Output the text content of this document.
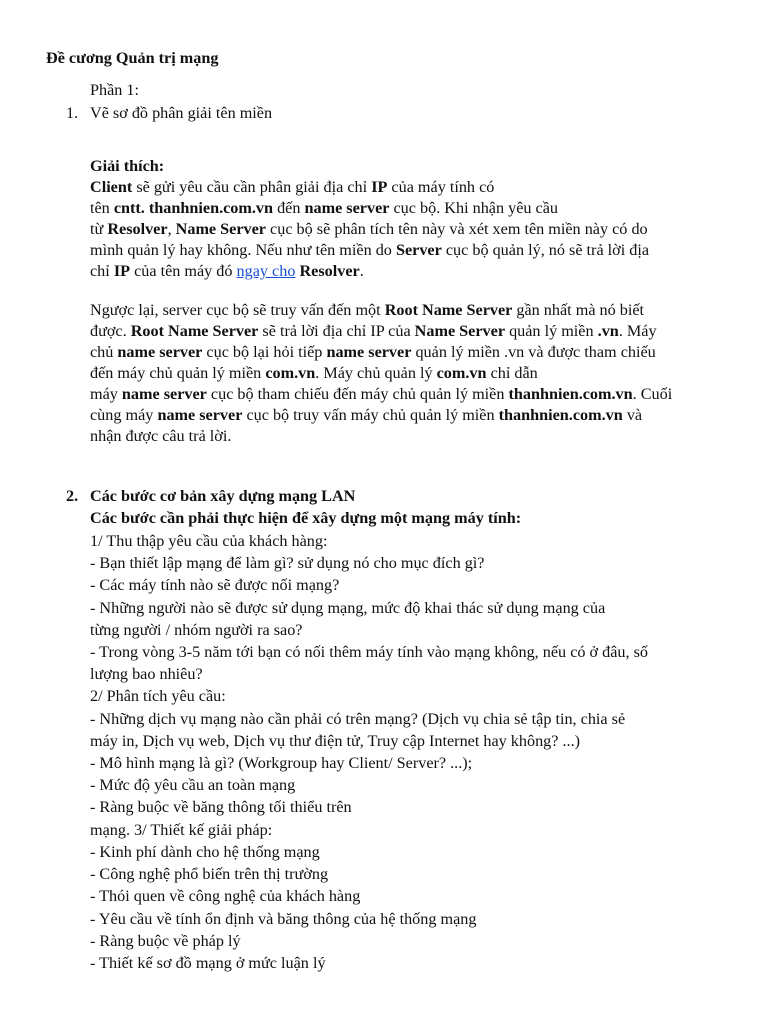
Đề cương Quản trị mạng
Phần 1:
1. Vẽ sơ đồ phân giải tên miền
Giải thích:
Client sẽ gửi yêu cầu cần phân giải địa chỉ IP của máy tính có
tên cntt. thanhnien.com.vn đến name server cục bộ. Khi nhận yêu cầu
từ Resolver, Name Server cục bộ sẽ phân tích tên này và xét xem tên miền này có do
mình quản lý hay không. Nếu như tên miền do Server cục bộ quản lý, nó sẽ trả lời địa
chỉ IP của tên máy đó ngay cho Resolver.
Ngược lại, server cục bộ sẽ truy vấn đến một Root Name Server gần nhất mà nó biết
được. Root Name Server sẽ trả lời địa chỉ IP của Name Server quản lý miền .vn. Máy
chủ name server cục bộ lại hỏi tiếp name server quản lý miền .vn và được tham chiếu
đến máy chủ quản lý miền com.vn. Máy chủ quản lý com.vn chỉ dẫn
máy name server cục bộ tham chiếu đến máy chủ quản lý miền thanhnien.com.vn. Cuối
cùng máy name server cục bộ truy vấn máy chủ quản lý miền thanhnien.com.vn và
nhận được câu trả lời.
2. Các bước cơ bản xây dựng mạng LAN
Các bước cần phải thực hiện để xây dựng một mạng máy tính:
1/ Thu thập yêu cầu của khách hàng:
- Bạn thiết lập mạng để làm gì? sử dụng nó cho mục đích gì?
- Các máy tính nào sẽ được nối mạng?
- Những người nào sẽ được sử dụng mạng, mức độ khai thác sử dụng mạng của
từng người / nhóm người ra sao?
- Trong vòng 3-5 năm tới bạn có nối thêm máy tính vào mạng không, nếu có ở đâu, số
lượng bao nhiêu?
2/ Phân tích yêu cầu:
- Những dịch vụ mạng nào cần phải có trên mạng? (Dịch vụ chia sẻ tập tin, chia sẻ
máy in, Dịch vụ web, Dịch vụ thư điện tử, Truy cập Internet hay không? ...)
- Mô hình mạng là gì? (Workgroup hay Client/ Server? ...);
- Mức độ yêu cầu an toàn mạng
- Ràng buộc về băng thông tối thiểu trên
mạng. 3/ Thiết kế giải pháp:
- Kinh phí dành cho hệ thống mạng
- Công nghệ phổ biến trên thị trường
- Thói quen về công nghệ của khách hàng
- Yêu cầu về tính ổn định và băng thông của hệ thống mạng
- Ràng buộc về pháp lý
- Thiết kế sơ đồ mạng ở mức luận lý
